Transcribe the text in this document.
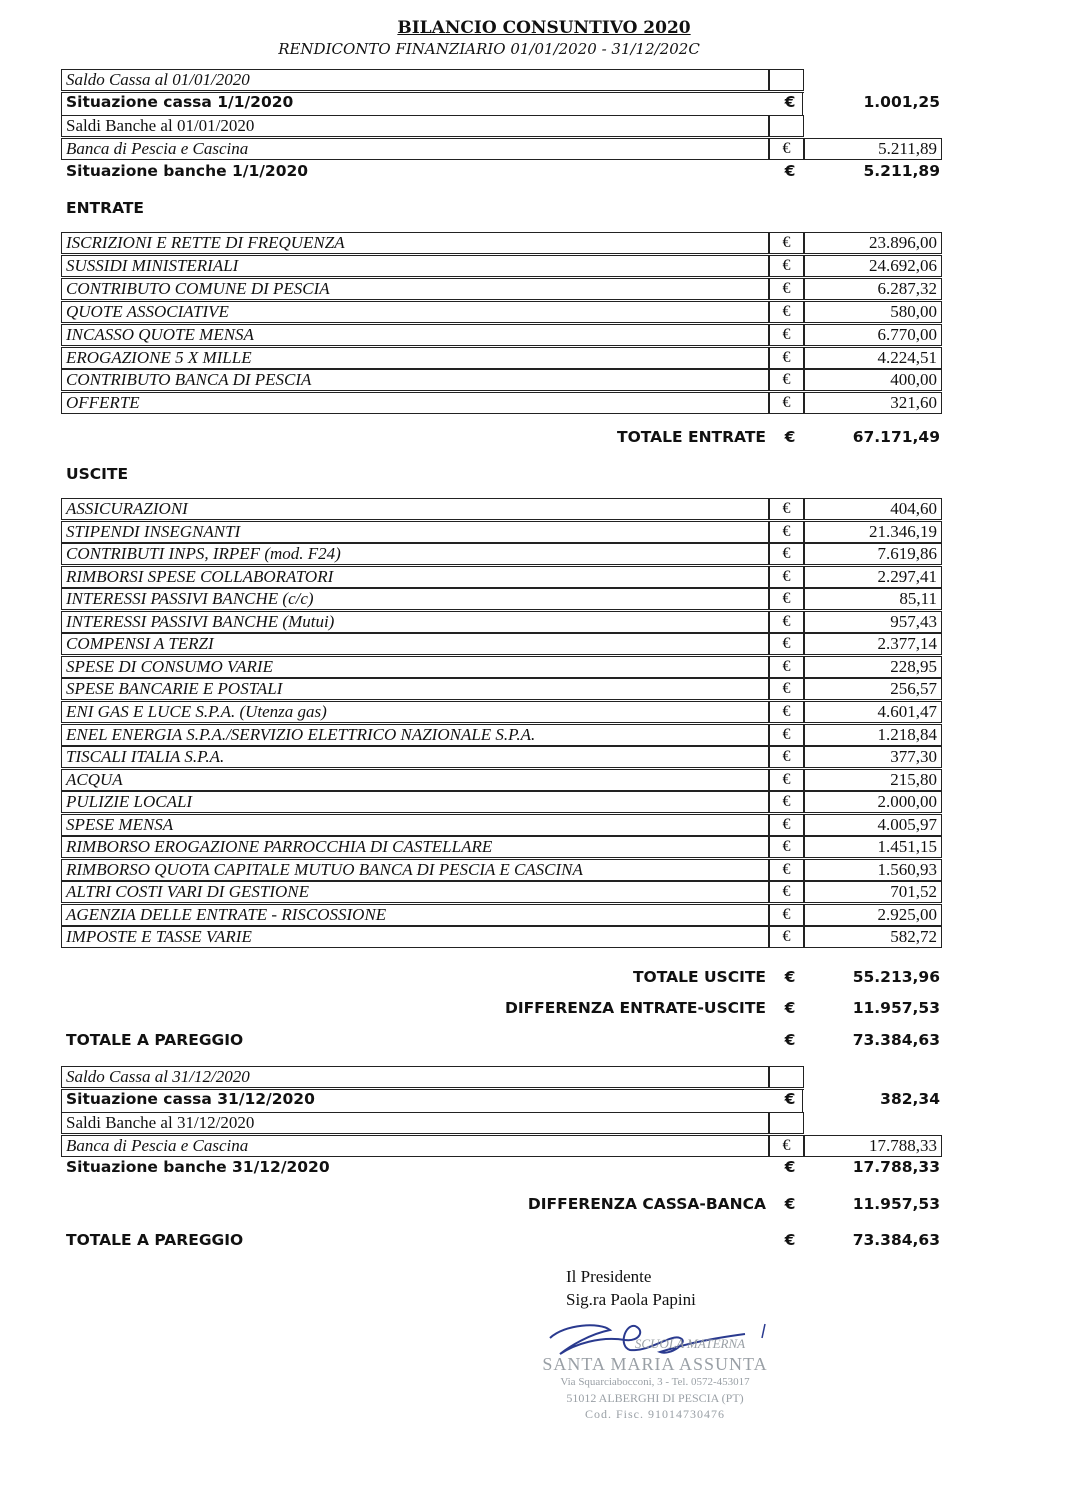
BILANCIO CONSUNTIVO 2020
RENDICONTO FINANZIARIO 01/01/2020 - 31/12/202C
Saldo Cassa al 01/01/2020
Situazione cassa 1/1/2020	€	1.001,25
Saldi Banche al 01/01/2020
Banca di Pescia e Cascina	€	5.211,89
Situazione banche 1/1/2020	€	5.211,89
ENTRATE
ISCRIZIONI E RETTE DI FREQUENZA	€	23.896,00
SUSSIDI MINISTERIALI	€	24.692,06
CONTRIBUTO COMUNE DI PESCIA	€	6.287,32
QUOTE ASSOCIATIVE	€	580,00
INCASSO QUOTE MENSA	€	6.770,00
EROGAZIONE 5 X MILLE	€	4.224,51
CONTRIBUTO BANCA DI PESCIA	€	400,00
OFFERTE	€	321,60
TOTALE ENTRATE €	67.171,49
USCITE
ASSICURAZIONI	€	404,60
STIPENDI INSEGNANTI	€	21.346,19
CONTRIBUTI INPS, IRPEF (mod. F24)	€	7.619,86
RIMBORSI SPESE COLLABORATORI	€	2.297,41
INTERESSI PASSIVI BANCHE (c/c)	€	85,11
INTERESSI PASSIVI BANCHE (Mutui)	€	957,43
COMPENSI A TERZI	€	2.377,14
SPESE DI CONSUMO VARIE	€	228,95
SPESE BANCARIE E POSTALI	€	256,57
ENI GAS E LUCE S.P.A. (Utenza gas)	€	4.601,47
ENEL ENERGIA S.P.A./SERVIZIO ELETTRICO NAZIONALE S.P.A.	€	1.218,84
TISCALI ITALIA S.P.A.	€	377,30
ACQUA	€	215,80
PULIZIE LOCALI	€	2.000,00
SPESE MENSA	€	4.005,97
RIMBORSO EROGAZIONE PARROCCHIA DI CASTELLARE	€	1.451,15
RIMBORSO QUOTA CAPITALE MUTUO BANCA DI PESCIA E CASCINA	€	1.560,93
ALTRI COSTI VARI DI GESTIONE	€	701,52
AGENZIA DELLE ENTRATE - RISCOSSIONE	€	2.925,00
IMPOSTE E TASSE VARIE	€	582,72
TOTALE USCITE €	55.213,96
DIFFERENZA ENTRATE-USCITE €	11.957,53
TOTALE A PAREGGIO	€	73.384,63
Saldo Cassa al 31/12/2020
Situazione cassa 31/12/2020	€	382,34
Saldi Banche al 31/12/2020
Banca di Pescia e Cascina	€	17.788,33
Situazione banche 31/12/2020	€	17.788,33
DIFFERENZA CASSA-BANCA €	11.957,53
TOTALE A PAREGGIO	€	73.384,63
Il Presidente
Sig.ra Paola Papini
SCUOLA MATERNA
SANTA MARIA ASSUNTA
Via Squarciabocconi, 3 - Tel. 0572-453017
51012 ALBERGHI DI PESCIA (PT)
Cod. Fisc. 91014730476
